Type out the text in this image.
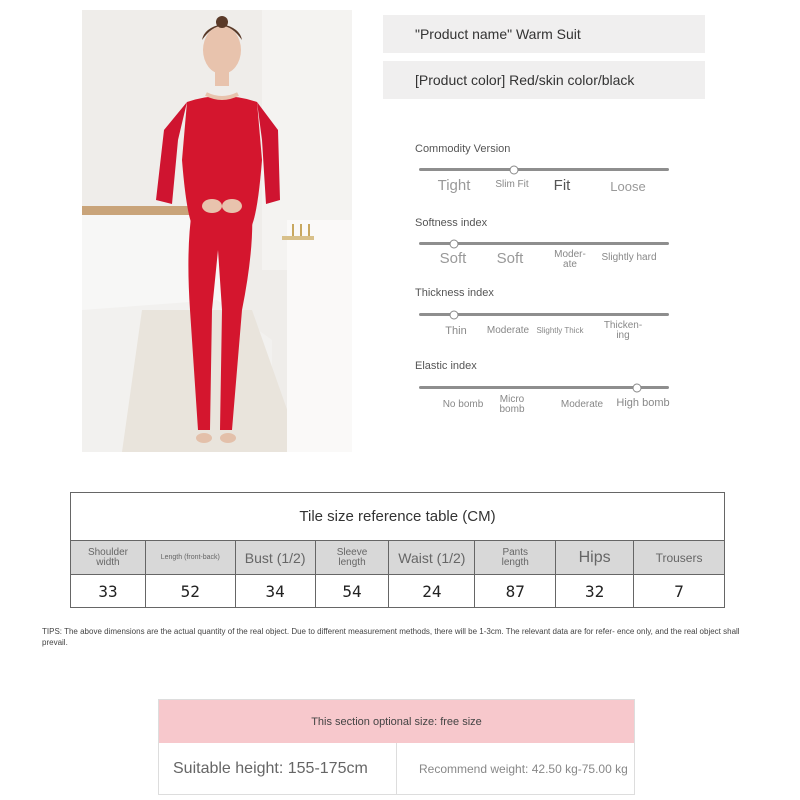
"Product name" Warm Suit
[Product color] Red/skin color/black
Commodity Version
Tight Slim Fit Fit	Loose
Softness index
Soft Soft	Moder-
ate
Slightly hard
Thickness index
Thin Moderate Slightly Thick Thicken-
ing
Elastic index
No bomb Micro
bomb	Moderate High bomb
Tile size reference table (CM)							
Shoulder
width	Length (front-back)	Bust (1/2)	Sleeve
length	Waist (1/2)	Pants
length	Hips	Trousers
33	52	34	54	24	87	32	7
TIPS: The above dimensions are the actual quantity of the real object. Due to different measurement methods, there will be 1-3cm. The relevant data are for refer- ence only, and the real object shall prevail.
This section optional size: free size
Suitable height: 155-175cm	Recommend weight: 42.50 kg-75.00 kg
